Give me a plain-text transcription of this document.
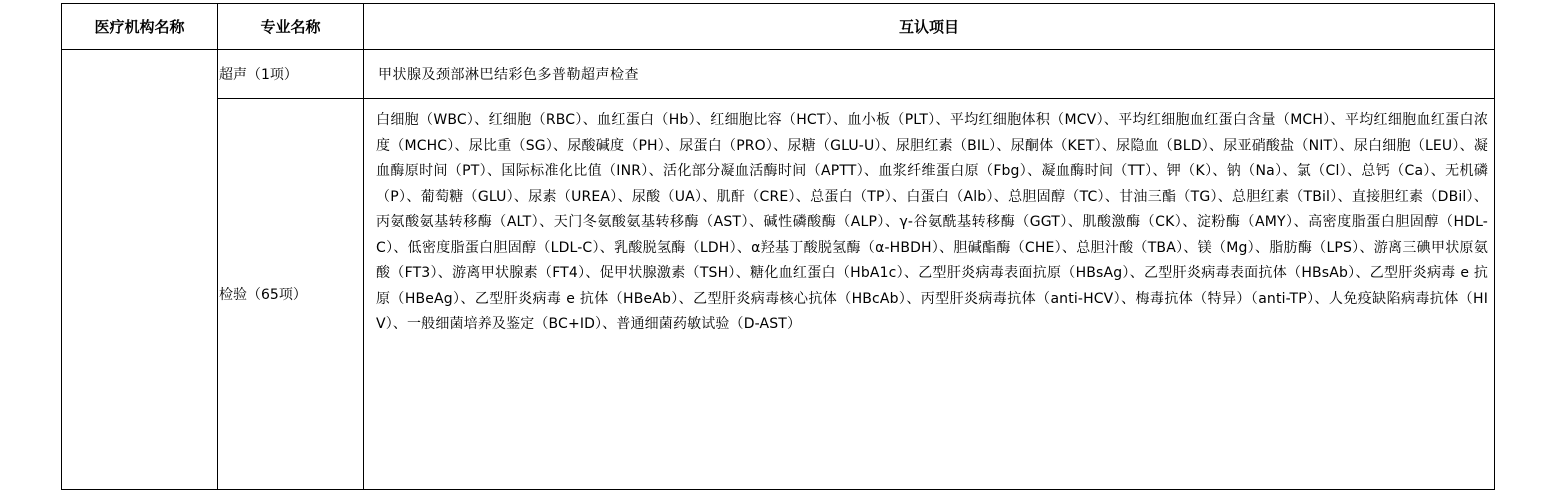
医疗机构名称	专业名称	互认项目
	超声（1项）	甲状腺及颈部淋巴结彩色多普勒超声检查
	检验（65项）	白细胞（WBC）、红细胞（RBC）、血红蛋白（Hb）、红细胞比容（HCT）、血小板（PLT）、平均红细胞体积（MCV）、平均红细胞血红蛋白含量（MCH）、平均红细胞血红蛋白浓度（MCHC）、尿比重（SG）、尿酸碱度（PH）、尿蛋白（PRO）、尿糖（GLU-U）、尿胆红素（BIL）、尿酮体（KET）、尿隐血（BLD）、尿亚硝酸盐（NIT）、尿白细胞（LEU）、凝血酶原时间（PT）、国际标准化比值（INR）、活化部分凝血活酶时间（APTT）、血浆纤维蛋白原（Fbg）、凝血酶时间（TT）、钾（K）、钠（Na）、氯（Cl）、总钙（Ca）、无机磷（P）、葡萄糖（GLU）、尿素（UREA）、尿酸（UA）、肌酐（CRE）、总蛋白（TP）、白蛋白（Alb）、总胆固醇（TC）、甘油三酯（TG）、总胆红素（TBil）、直接胆红素（DBil）、丙氨酸氨基转移酶（ALT）、天门冬氨酸氨基转移酶（AST）、碱性磷酸酶（ALP）、γ-谷氨酰基转移酶（GGT）、肌酸激酶（CK）、淀粉酶（AMY）、高密度脂蛋白胆固醇（HDL-C）、低密度脂蛋白胆固醇（LDL-C）、乳酸脱氢酶（LDH）、α羟基丁酸脱氢酶（α-HBDH）、胆碱酯酶（CHE）、总胆汁酸（TBA）、镁（Mg）、脂肪酶（LPS）、游离三碘甲状原氨酸（FT3）、游离甲状腺素（FT4）、促甲状腺激素（TSH）、糖化血红蛋白（HbA1c）、乙型肝炎病毒表面抗原（HBsAg）、乙型肝炎病毒表面抗体（HBsAb）、乙型肝炎病毒 e 抗原（HBeAg）、乙型肝炎病毒 e 抗体（HBeAb）、乙型肝炎病毒核心抗体（HBcAb）、丙型肝炎病毒抗体（anti-HCV）、梅毒抗体（特异）（anti-TP）、人免疫缺陷病毒抗体（HIV）、一般细菌培养及鉴定（BC+ID）、普通细菌药敏试验（D-AST）
